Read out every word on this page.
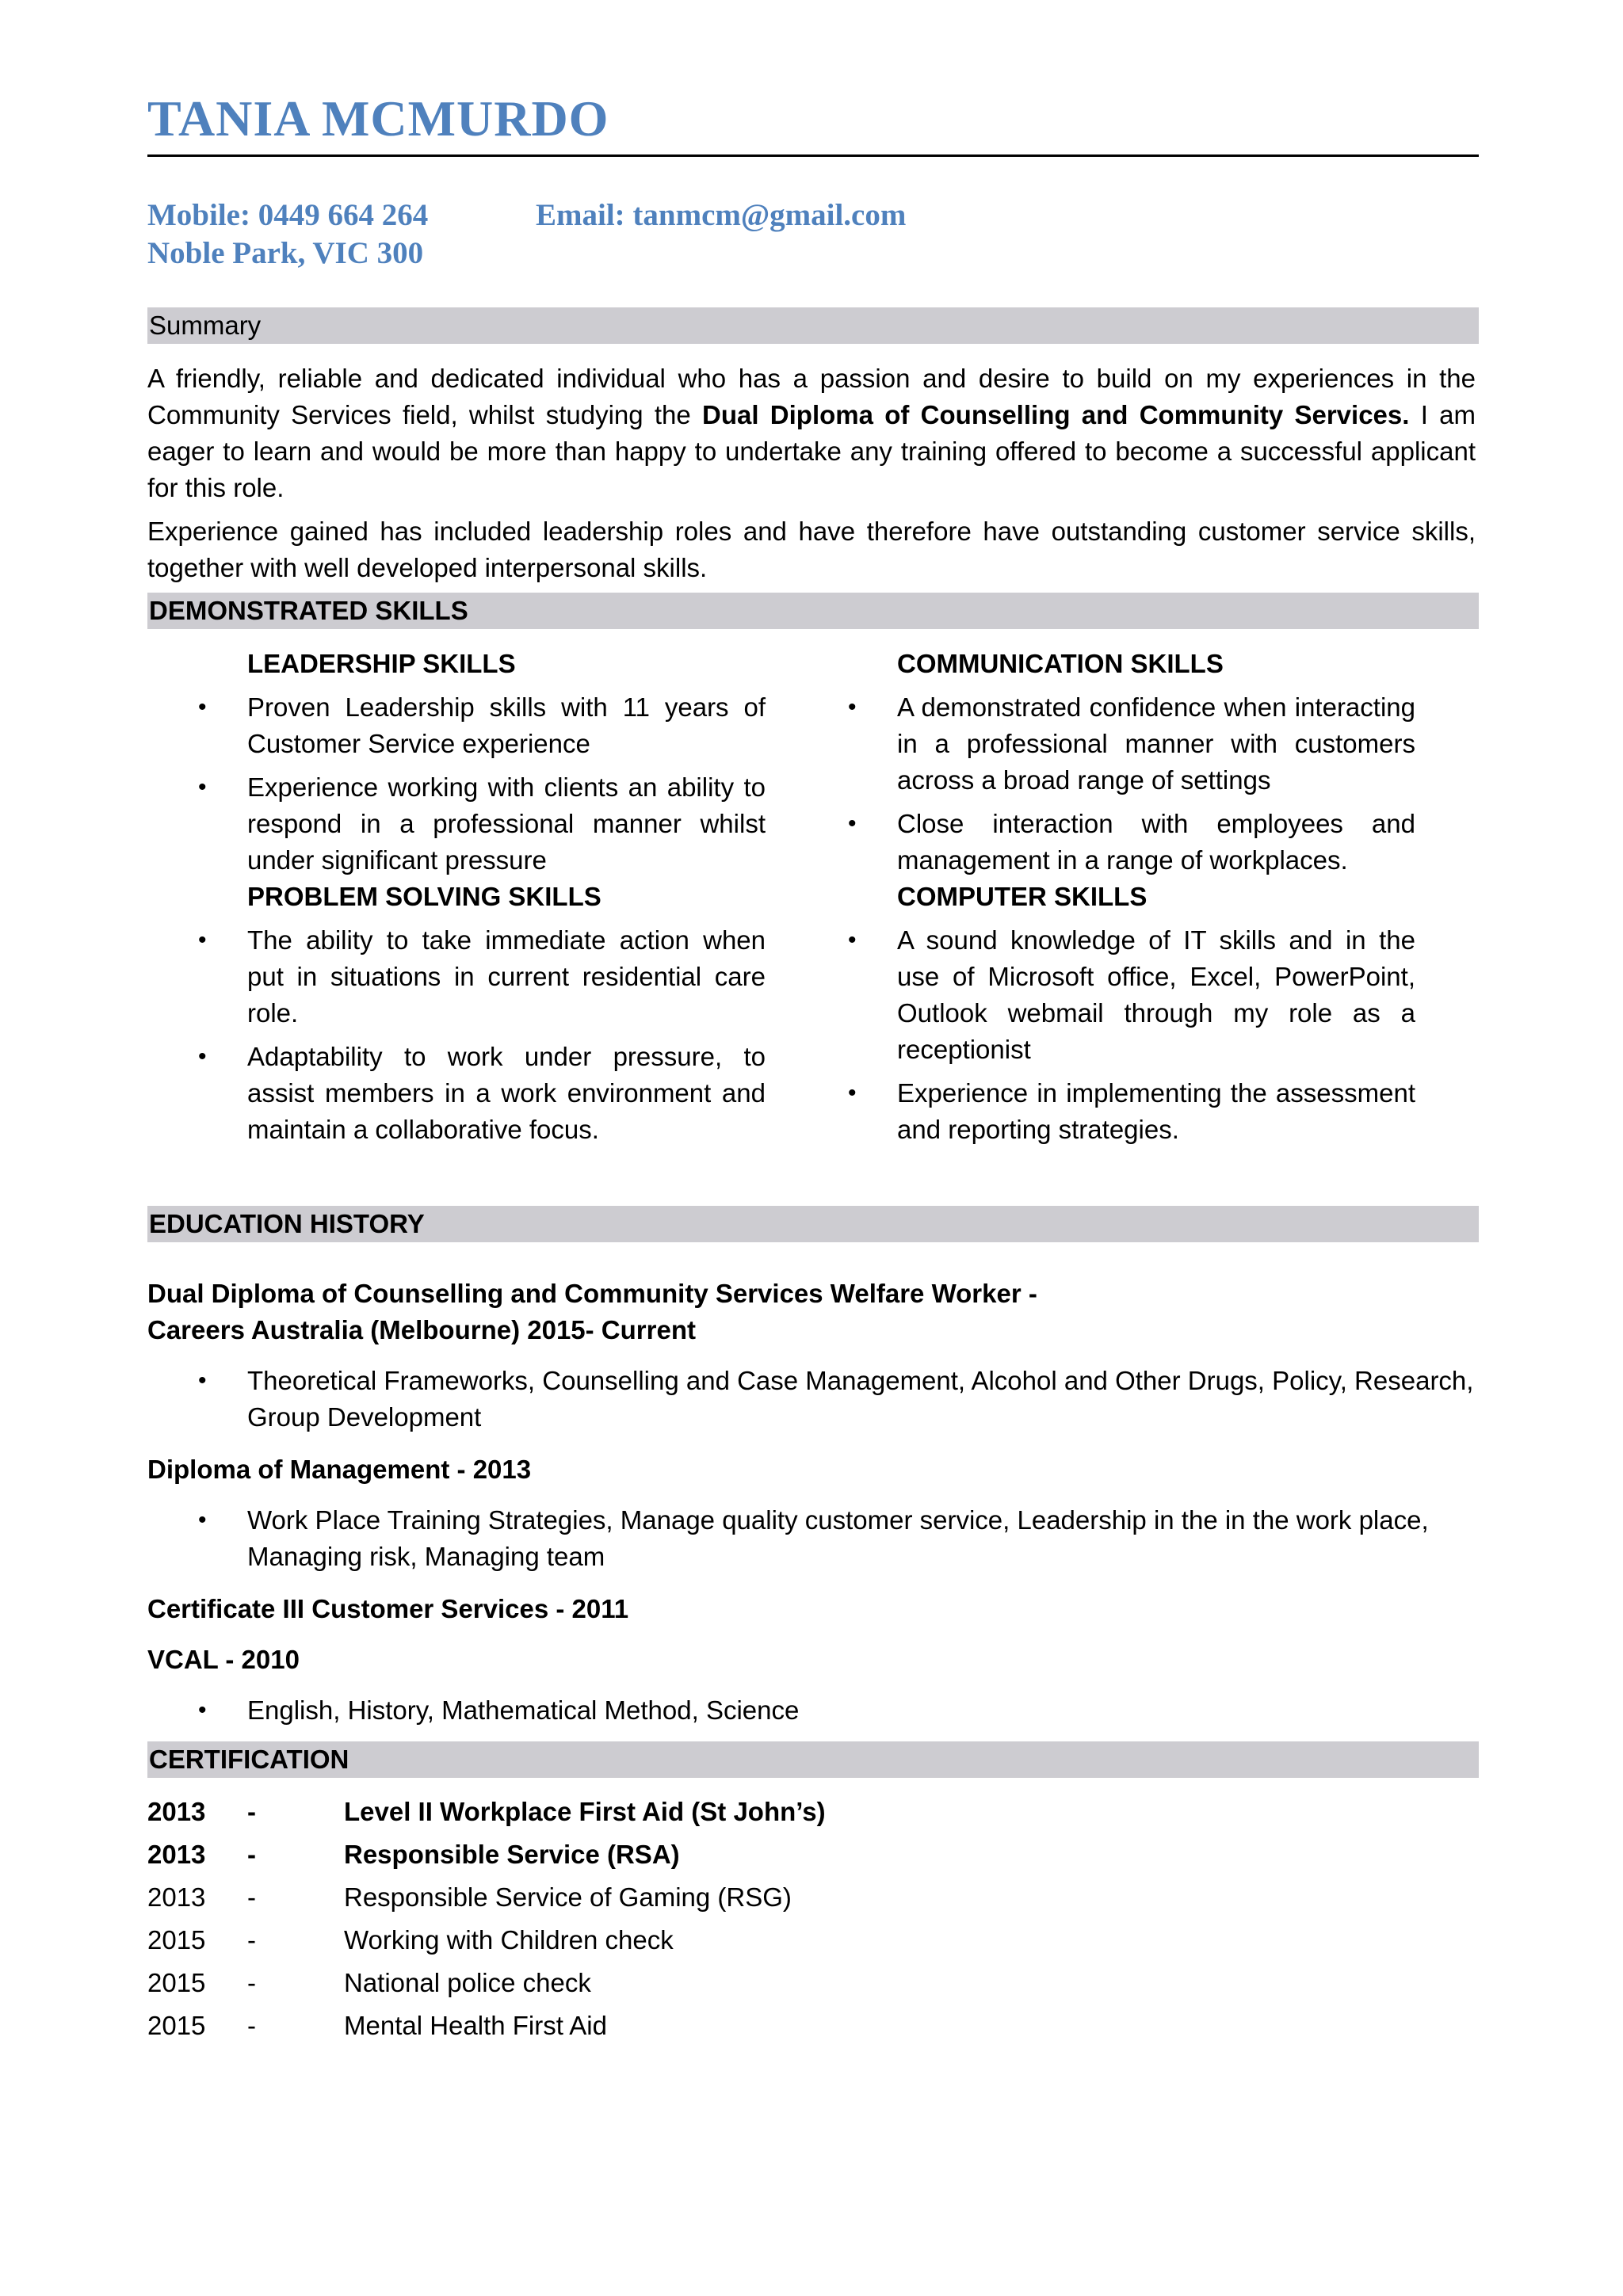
TANIA MCMURDO
Mobile: 0449 664 264	Email: tanmcm@gmail.com
Noble Park, VIC 300
Summary

A friendly, reliable and dedicated individual who has a passion and desire to build on my experiences in the Community Services field, whilst studying the Dual Diploma of Counselling and Community Services. I am eager to learn and would be more than happy to undertake any training offered to become a successful applicant for this role.

Experience gained has included leadership roles and have therefore have outstanding customer service skills, together with well developed interpersonal skills.

DEMONSTRATED SKILLS
LEADERSHIP SKILLS
• Proven Leadership skills with 11 years of Customer Service experience
• Experience working with clients an ability to respond in a professional manner whilst under significant pressure
PROBLEM SOLVING SKILLS
• The ability to take immediate action when put in situations in current residential care role.
• Adaptability to work under pressure, to assist members in a work environment and maintain a collaborative focus.
COMMUNICATION SKILLS
• A demonstrated confidence when interacting in a professional manner with customers across a broad range of settings
• Close interaction with employees and management in a range of workplaces.
COMPUTER SKILLS
• A sound knowledge of IT skills and in the use of Microsoft office, Excel, PowerPoint, Outlook webmail through my role as a receptionist
• Experience in implementing the assessment and reporting strategies.
EDUCATION HISTORY
Dual Diploma of Counselling and Community Services Welfare Worker -
Careers Australia (Melbourne) 2015- Current
• Theoretical Frameworks, Counselling and Case Management, Alcohol and Other Drugs, Policy, Research, Group Development
Diploma of Management - 2013
• Work Place Training Strategies, Manage quality customer service, Leadership in the in the work place, Managing risk, Managing team
Certificate III Customer Services - 2011
VCAL - 2010
• English, History, Mathematical Method, Science
CERTIFICATION
2013 -	Level II Workplace First Aid (St John’s)
2013 -	Responsible Service (RSA)
2013 -	Responsible Service of Gaming (RSG)
2015 -	Working with Children check
2015 -	National police check
2015 -	Mental Health First Aid
